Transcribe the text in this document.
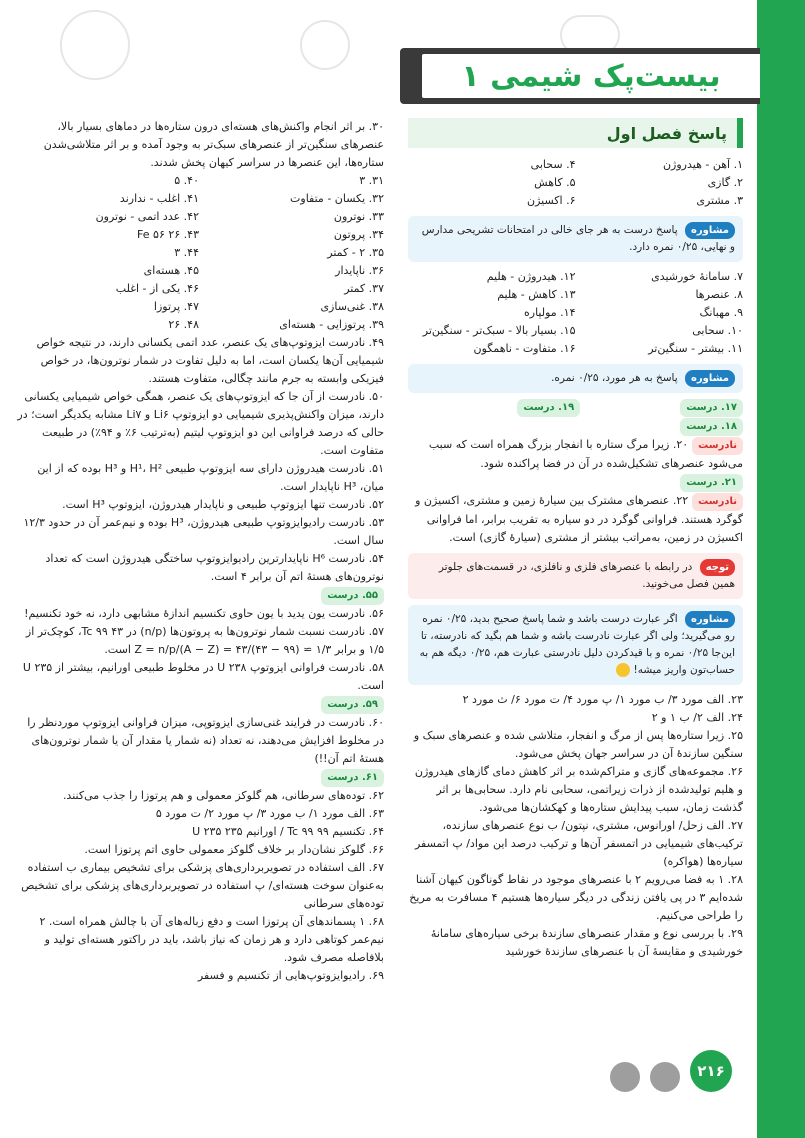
بیست‌پک شیمی ۱
پاسخ فصل اول
۱. آهن - هیدروژن
۴. سحابی
۲. گازی
۵. کاهش
۳. مشتری
۶. اکسیژن
مشاوره پاسخ درست به هر جای خالی در امتحانات تشریحی مدارس و نهایی، ۰/۲۵ نمره دارد.
۷. سامانهٔ خورشیدی
۱۲. هیدروژن - هلیم
۸. عنصرها
۱۳. کاهش - هلیم
۹. مهبانگ
۱۴. مولپاره
۱۰. سحابی
۱۵. بسیار بالا - سبک‌تر - سنگین‌تر
۱۱. بیشتر - سنگین‌تر
۱۶. متفاوت - ناهمگون
مشاوره پاسخ به هر مورد، ۰/۲۵ نمره.
۱۷. درست
۱۹. درست

۱۸. درست

نادرست۲۰. زیرا مرگ ستاره با انفجار بزرگ همراه است که سبب می‌شود عنصرهای تشکیل‌شده در آن در فضا پراکنده شود.

۲۱. درست

نادرست۲۲. عنصرهای مشترک بین سیارهٔ زمین و مشتری، اکسیژن و گوگرد هستند. فراوانی گوگرد در دو سیاره به تقریب برابر، اما فراوانی اکسیژن در زمین، به‌مراتب بیشتر از مشتری (سیارهٔ گازی) است.

توجه در رابطه با عنصرهای فلزی و نافلزی، در قسمت‌های جلوتر همین فصل می‌خونید.
مشاوره اگر عبارت درست باشد و شما پاسخ صحیح بدید، ۰/۲۵ نمره رو می‌گیرید؛ ولی اگر عبارت نادرست باشه و شما هم بگید که نادرسته، تا این‌جا ۰/۲۵ نمره و با قیدکردن دلیل نادرستی عبارت هم، ۰/۲۵ دیگه هم به حساب‌تون واریز میشه!

۲۳. الف مورد ۳/ ب مورد ۱/ پ مورد ۴/ ت مورد ۶/ ث مورد ۲

۲۴. الف ۲/ ب ۱ و ۲

۲۵. زیرا ستاره‌ها پس از مرگ و انفجار، متلاشی شده و عنصرهای سبک و سنگین سازندهٔ آن در سراسر جهان پخش می‌شود.

۲۶. مجموعه‌های گازی و متراکم‌شده بر اثر کاهش دمای گازهای هیدروژن و هلیم تولیدشده از ذرات زیراتمی، سحابی نام دارد. سحابی‌ها بر اثر گذشت زمان، سبب پیدایش ستاره‌ها و کهکشان‌ها می‌شود.

۲۷. الف زحل/ اورانوس، مشتری، نپتون/ ب نوع عنصرهای سازنده، ترکیب‌های شیمیایی در اتمسفر آن‌ها و ترکیب درصد این مواد/ پ اتمسفر سیاره‌ها (هواکره)

۲۸. ۱ به فضا می‌رویم ۲ با عنصرهای موجود در نقاط گوناگون کیهان آشنا شده‌ایم ۳ در پی یافتن زندگی در دیگر سیاره‌ها هستیم ۴ مسافرت به مریخ را طراحی می‌کنیم.

۲۹. با بررسی نوع و مقدار عنصرهای سازندهٔ برخی سیاره‌های سامانهٔ خورشیدی و مقایسهٔ آن با عنصرهای سازندهٔ خورشید

۳۰. بر اثر انجام واکنش‌های هسته‌ای درون ستاره‌ها در دماهای بسیار بالا، عنصرهای سنگین‌تر از عنصرهای سبک‌تر به وجود آمده و بر اثر متلاشی‌شدن ستاره‌ها، این عنصرها در سراسر کیهان پخش شدند.

۳۱. ۳
۴۰. ۵
۳۲. یکسان - متفاوت
۴۱. اغلب - ندارند
۳۳. نوترون
۴۲. عدد اتمی - نوترون
۳۴. پروتون
۴۳. Fe ۵۶ ۲۶
۳۵. ۲ - کمتر
۴۴. ۳
۳۶. ناپایدار
۴۵. هسته‌ای
۳۷. کمتر
۴۶. یکی از - اغلب
۳۸. غنی‌سازی
۴۷. پرتوزا
۳۹. پرتوزایی - هسته‌ای
۴۸. ۲۶

۴۹. نادرست ایزوتوپ‌های یک عنصر، عدد اتمی یکسانی دارند، در نتیجه خواص شیمیایی آن‌ها یکسان است، اما به دلیل تفاوت در شمار نوترون‌ها، در خواص فیزیکی وابسته به جرم مانند چگالی، متفاوت هستند.

۵۰. نادرست از آن جا که ایزوتوپ‌های یک عنصر، همگی خواص شیمیایی یکسانی دارند، میزان واکنش‌پذیری شیمیایی دو ایزوتوپ Li۶ و Li۷ مشابه یکدیگر است؛ در حالی که درصد فراوانی این دو ایزوتوپ لیتیم (به‌ترتیب ۶٪ و ۹۴٪) در طبیعت متفاوت است.

۵۱. نادرست هیدروژن دارای سه ایزوتوپ طبیعی H¹، H² و H³ بوده که از این میان، H³ ناپایدار است.

۵۲. نادرست تنها ایزوتوپ طبیعی و ناپایدار هیدروژن، ایزوتوپ H³ است.

۵۳. نادرست رادیوایزوتوپ طبیعی هیدروژن، H³ بوده و نیم‌عمر آن در حدود ۱۲/۳ سال است.

۵۴. نادرست H⁶ ناپایدارترین رادیوایزوتوپ ساختگی هیدروژن است که تعداد نوترون‌های هستهٔ اتم آن برابر ۴ است.

۵۵. درست

۵۶. نادرست یون یدید با یون حاوی تکنسیم اندازهٔ مشابهی دارد، نه خود تکنسیم!

۵۷. نادرست نسبت شمار نوترون‌ها به پروتون‌ها (n/p) در Tc ۹۹ ۴۳، کوچک‌تر از ۱/۵ و برابر ۱/۳ ≃ (۹۹ − ۴۳)/۴۳ = (A − Z)/Z = n/p است.

۵۸. نادرست فراوانی ایزوتوپ U ۲۳۸ در مخلوط طبیعی اورانیم، بیشتر از U ۲۳۵ است.

۵۹. درست

۶۰. نادرست در فرایند غنی‌سازی ایزوتوپی، میزان فراوانی ایزوتوپ موردنظر را در مخلوط افزایش می‌دهند، نه تعداد (نه شمار یا مقدار آن یا شمار نوترون‌های هستهٔ اتم آن!!)

۶۱. درست

۶۲. توده‌های سرطانی، هم گلوکز معمولی و هم پرتوزا را جذب می‌کنند.

۶۳. الف مورد ۱/ ب مورد ۳/ پ مورد ۲/ ت مورد ۵

۶۴. تکنسیم Tc ۹۹ ۹۹ / اورانیم U ۲۳۵ ۲۳۵

۶۶. گلوکز نشان‌دار بر خلاف گلوکز معمولی حاوی اتم پرتوزا است.

۶۷. الف استفاده در تصویربرداری‌های پزشکی برای تشخیص بیماری ب استفاده به‌عنوان سوخت هسته‌ای/ پ استفاده در تصویربرداری‌های پزشکی برای تشخیص توده‌های سرطانی

۶۸. ۱ پسماندهای آن پرتوزا است و دفع زباله‌های آن با چالش همراه است. ۲ نیم‌عمر کوتاهی دارد و هر زمان که نیاز باشد، باید در راکتور هسته‌ای تولید و بلافاصله مصرف شود.

۶۹. رادیوایزوتوپ‌هایی از تکنسیم و فسفر

۲۱۶
